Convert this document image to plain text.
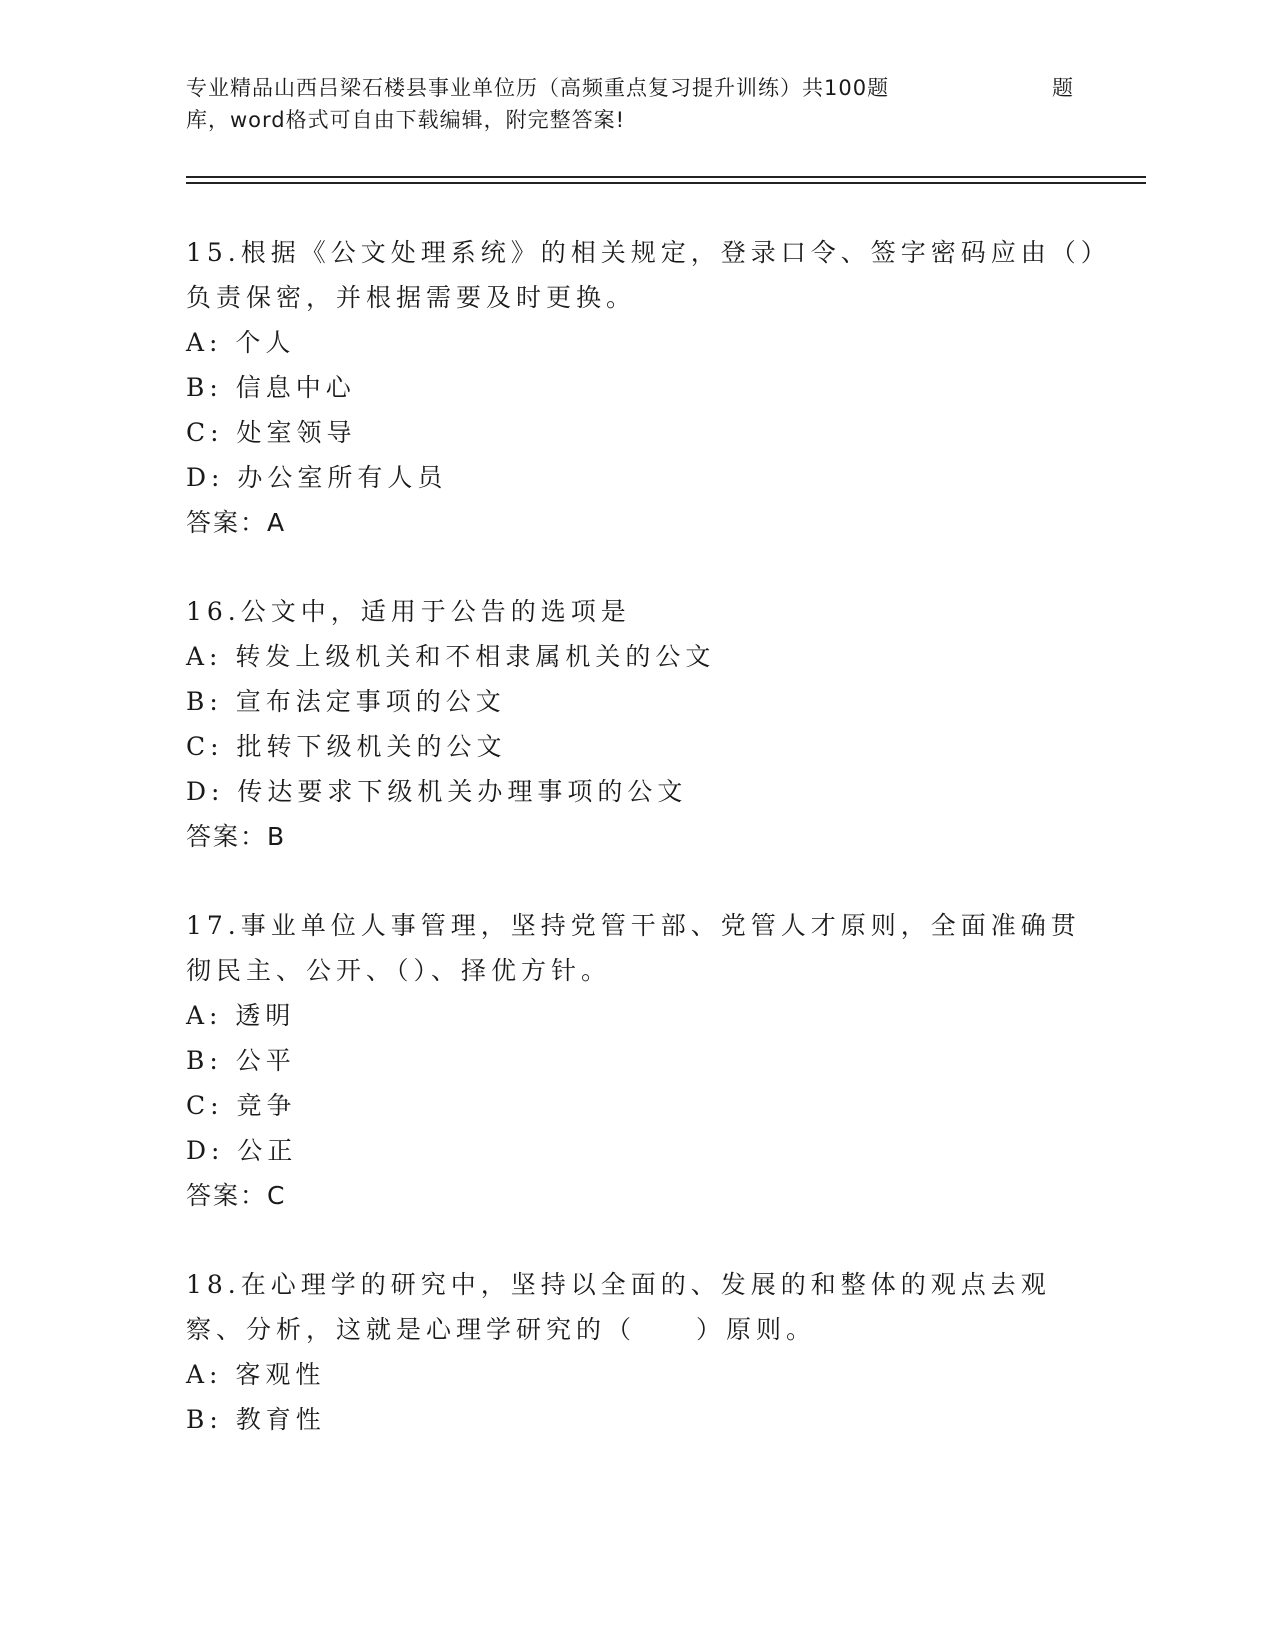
专业精品山西吕梁石楼县事业单位历（高频重点复习提升训练）共100题	题
库，word格式可自由下载编辑，附完整答案!
15.根据《公文处理系统》的相关规定，登录口令、签字密码应由（）负责保密，并根据需要及时更换。
A: 个人
B: 信息中心
C: 处室领导
D: 办公室所有人员
答案：A
16.公文中，适用于公告的选项是
A: 转发上级机关和不相隶属机关的公文
B: 宣布法定事项的公文
C: 批转下级机关的公文
D: 传达要求下级机关办理事项的公文
答案：B
17.事业单位人事管理，坚持党管干部、党管人才原则，全面准确贯彻民主、公开、（）、择优方针。
A: 透明
B: 公平
C: 竞争
D: 公正
答案：C
18.在心理学的研究中，坚持以全面的、发展的和整体的观点去观察、分析，这就是心理学研究的（　　）原则。
A: 客观性
B: 教育性
